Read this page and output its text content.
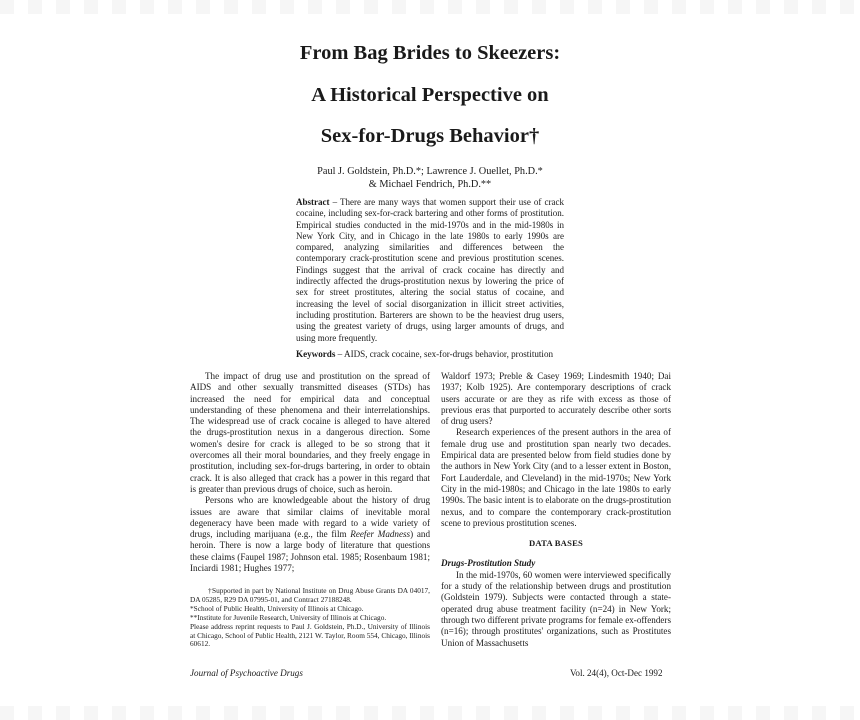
From Bag Brides to Skeezers:
A Historical Perspective on
Sex-for-Drugs Behavior†
Paul J. Goldstein, Ph.D.*; Lawrence J. Ouellet, Ph.D.*
& Michael Fendrich, Ph.D.**
Abstract – There are many ways that women support their use of crack cocaine, including sex-for-crack bartering and other forms of prostitution. Empirical studies conducted in the mid-1970s and in the mid-1980s in New York City, and in Chicago in the late 1980s to early 1990s are compared, analyzing similarities and differences between the contemporary crack-prostitution scene and previous prostitution scenes. Findings suggest that the arrival of crack cocaine has directly and indirectly affected the drugs-prostitution nexus by lowering the price of sex for street prostitutes, altering the social status of cocaine, and increasing the level of social disorganization in illicit street activities, including prostitution. Barterers are shown to be the heaviest drug users, using the greatest variety of drugs, using larger amounts of drugs, and using more frequently.
Keywords – AIDS, crack cocaine, sex-for-drugs behavior, prostitution

The impact of drug use and prostitution on the spread of AIDS and other sexually transmitted diseases (STDs) has increased the need for empirical data and conceptual understanding of these phenomena and their interrelationships. The widespread use of crack cocaine is alleged to have altered the drugs-prostitution nexus in a dangerous direction. Some women's desire for crack is alleged to be so strong that it overcomes all their moral boundaries, and they freely engage in prostitution, including sex-for-drugs bartering, in order to obtain crack. It is also alleged that crack has a power in this regard that is greater than previous drugs of choice, such as heroin.

Persons who are knowledgeable about the history of drug issues are aware that similar claims of inevitable moral degeneracy have been made with regard to a wide variety of drugs, including marijuana (e.g., the film Reefer Madness) and heroin. There is now a large body of literature that questions these claims (Faupel 1987; Johnson etal. 1985; Rosenbaum 1981; Inciardi 1981; Hughes 1977;

Waldorf 1973; Preble & Casey 1969; Lindesmith 1940; Dai 1937; Kolb 1925). Are contemporary descriptions of crack users accurate or are they as rife with excess as those of previous eras that purported to accurately describe other sorts of drug users?

Research experiences of the present authors in the area of female drug use and prostitution span nearly two decades. Empirical data are presented below from field studies done by the authors in New York City (and to a lesser extent in Boston, Fort Lauderdale, and Cleveland) in the mid-1970s; New York City in the mid-1980s; and Chicago in the late 1980s to early 1990s. The basic intent is to elaborate on the drugs-prostitution nexus, and to compare the contemporary crack-prostitution scene to previous prostitution scenes.

DATA BASES
Drugs-Prostitution Study

In the mid-1970s, 60 women were interviewed specifically for a study of the relationship between drugs and prostitution (Goldstein 1979). Subjects were contacted through a state-operated drug abuse treatment facility (n=24) in New York; through two different private programs for female ex-offenders (n=16); through prostitutes' organizations, such as Prostitutes Union of Massachusetts

†Supported in part by National Institute on Drug Abuse Grants DA 04017, DA 05285, R29 DA 07995-01, and Contract 27188248.
*School of Public Health, University of Illinois at Chicago.
**Institute for Juvenile Research, University of Illinois at Chicago.
Please address reprint requests to Paul J. Goldstein, Ph.D., University of Illinois at Chicago, School of Public Health, 2121 W. Taylor, Room 554, Chicago, Illinois 60612.
Journal of Psychoactive Drugs	Vol. 24(4), Oct-Dec 1992
